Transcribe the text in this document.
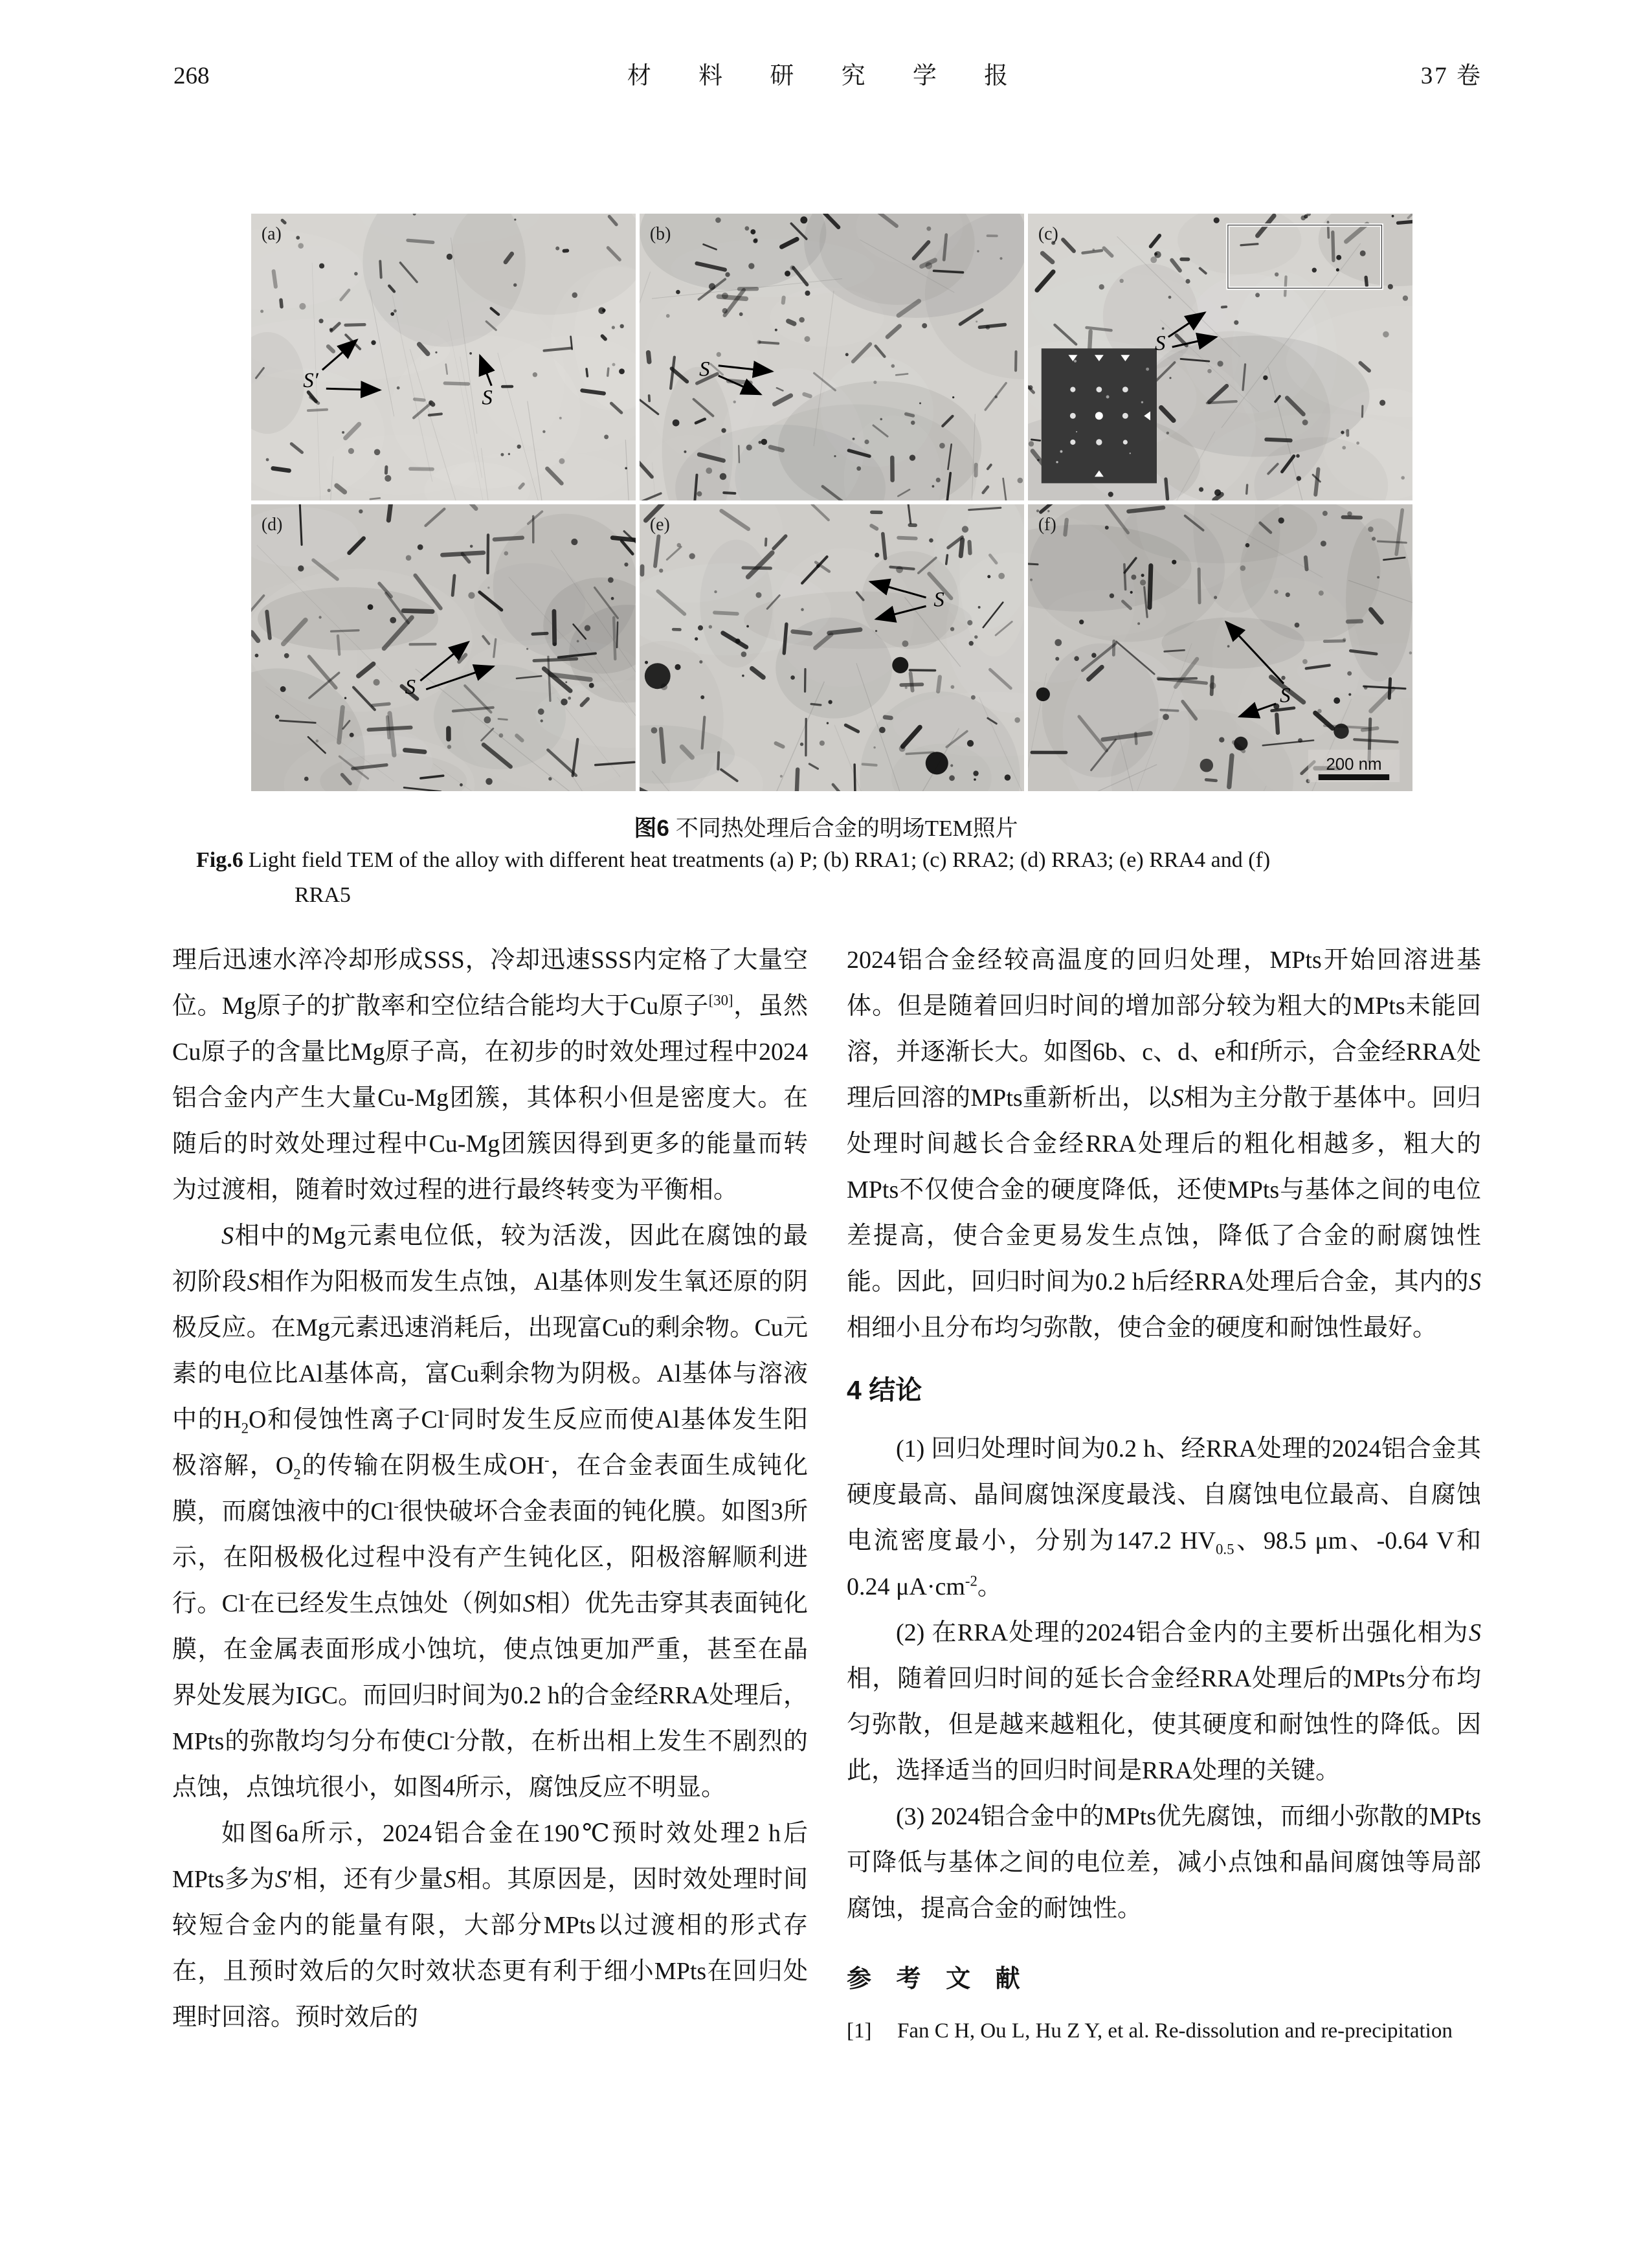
268	材 料 研 究 学 报	37 卷
(a)
S′
S
(b)
S
(c)
S
(d)
S
(e)
S
(f)
S
200 nm
图6 不同热处理后合金的明场TEM照片
Fig.6 Light field TEM of the alloy with different heat treatments (a) P; (b) RRA1; (c) RRA2; (d) RRA3; (e) RRA4 and (f)
RRA5

理后迅速水淬冷却形成SSS，冷却迅速SSS内定格了大量空位。Mg原子的扩散率和空位结合能均大于Cu原子[30]，虽然Cu原子的含量比Mg原子高，在初步的时效处理过程中2024铝合金内产生大量Cu-Mg团簇，其体积小但是密度大。在随后的时效处理过程中Cu-Mg团簇因得到更多的能量而转为过渡相，随着时效过程的进行最终转变为平衡相。

S相中的Mg元素电位低，较为活泼，因此在腐蚀的最初阶段S相作为阳极而发生点蚀，Al基体则发生氧还原的阴极反应。在Mg元素迅速消耗后，出现富Cu的剩余物。Cu元素的电位比Al基体高，富Cu剩余物为阴极。Al基体与溶液中的$H_2O$和侵蚀性离子Cl-同时发生反应而使Al基体发生阳极溶解，$O_2$的传输在阴极生成OH-，在合金表面生成钝化膜，而腐蚀液中的Cl-很快破坏合金表面的钝化膜。如图3所示，在阳极极化过程中没有产生钝化区，阳极溶解顺利进行。Cl-在已经发生点蚀处（例如S相）优先击穿其表面钝化膜，在金属表面形成小蚀坑，使点蚀更加严重，甚至在晶界处发展为IGC。而回归时间为0.2 h的合金经RRA处理后，MPts的弥散均匀分布使Cl-分散，在析出相上发生不剧烈的点蚀，点蚀坑很小，如图4所示，腐蚀反应不明显。

如图6a所示，2024铝合金在190℃预时效处理2 h后MPts多为S′相，还有少量S相。其原因是，因时效处理时间较短合金内的能量有限，大部分MPts以过渡相的形式存在，且预时效后的欠时效状态更有利于细小MPts在回归处理时回溶。预时效后的

2024铝合金经较高温度的回归处理，MPts开始回溶进基体。但是随着回归时间的增加部分较为粗大的MPts未能回溶，并逐渐长大。如图6b、c、d、e和f所示，合金经RRA处理后回溶的MPts重新析出，以S相为主分散于基体中。回归处理时间越长合金经RRA处理后的粗化相越多，粗大的MPts不仅使合金的硬度降低，还使MPts与基体之间的电位差提高，使合金更易发生点蚀，降低了合金的耐腐蚀性能。因此，回归时间为0.2 h后经RRA处理后合金，其内的S相细小且分布均匀弥散，使合金的硬度和耐蚀性最好。

4 结论

(1) 回归处理时间为0.2 h、经RRA处理的2024铝合金其硬度最高、晶间腐蚀深度最浅、自腐蚀电位最高、自腐蚀电流密度最小，分别为147.2 $HV_{0.5}$、98.5 μm、-0.64 V和0.24 $\mu A\cdot cm^{-2}$。

(2) 在RRA处理的2024铝合金内的主要析出强化相为S相，随着回归时间的延长合金经RRA处理后的MPts分布均匀弥散，但是越来越粗化，使其硬度和耐蚀性的降低。因此，选择适当的回归时间是RRA处理的关键。

(3) 2024铝合金中的MPts优先腐蚀，而细小弥散的MPts可降低与基体之间的电位差，减小点蚀和晶间腐蚀等局部腐蚀，提高合金的耐蚀性。

参 考 文 献

[1] Fan C H, Ou L, Hu Z Y, et al. Re-dissolution and re-precipitation
